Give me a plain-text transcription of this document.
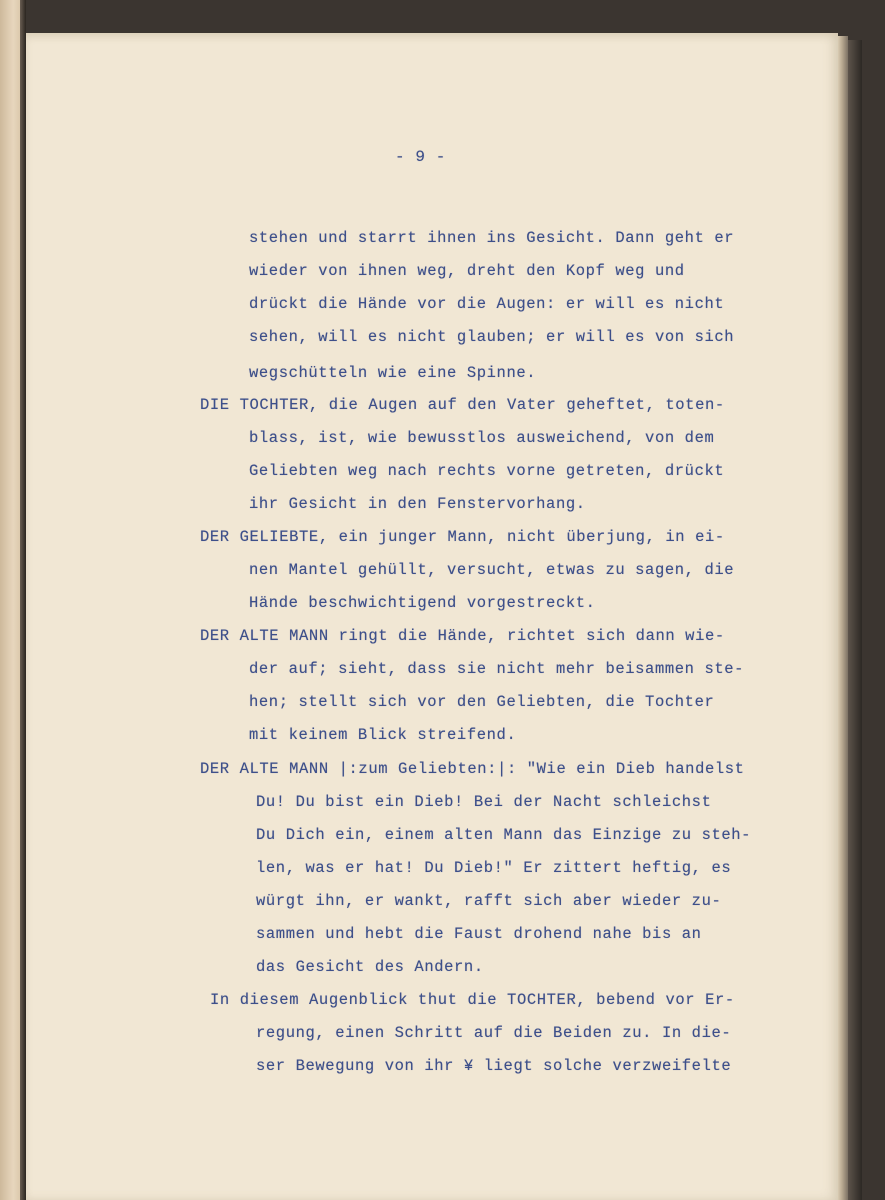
- 9 -
stehen und starrt ihnen ins Gesicht. Dann geht er
wieder von ihnen weg, dreht den Kopf weg und
drückt die Hände vor die Augen: er will es nicht
sehen, will es nicht glauben; er will es von sich
wegschütteln wie eine Spinne.
DIE TOCHTER, die Augen auf den Vater geheftet, toten-
blass, ist, wie bewusstlos ausweichend, von dem
Geliebten weg nach rechts vorne getreten, drückt
ihr Gesicht in den Fenstervorhang.
DER GELIEBTE, ein junger Mann, nicht überjung, in ei-
nen Mantel gehüllt, versucht, etwas zu sagen, die
Hände beschwichtigend vorgestreckt.
DER ALTE MANN ringt die Hände, richtet sich dann wie-
der auf; sieht, dass sie nicht mehr beisammen ste-
hen; stellt sich vor den Geliebten, die Tochter
mit keinem Blick streifend.
DER ALTE MANN |:zum Geliebten:|: "Wie ein Dieb handelst
Du! Du bist ein Dieb! Bei der Nacht schleichst
Du Dich ein, einem alten Mann das Einzige zu steh-
len, was er hat! Du Dieb!" Er zittert heftig, es
würgt ihn, er wankt, rafft sich aber wieder zu-
sammen und hebt die Faust drohend nahe bis an
das Gesicht des Andern.
In diesem Augenblick thut die TOCHTER, bebend vor Er-
regung, einen Schritt auf die Beiden zu. In die-
ser Bewegung von ihr ¥ liegt solche verzweifelte
